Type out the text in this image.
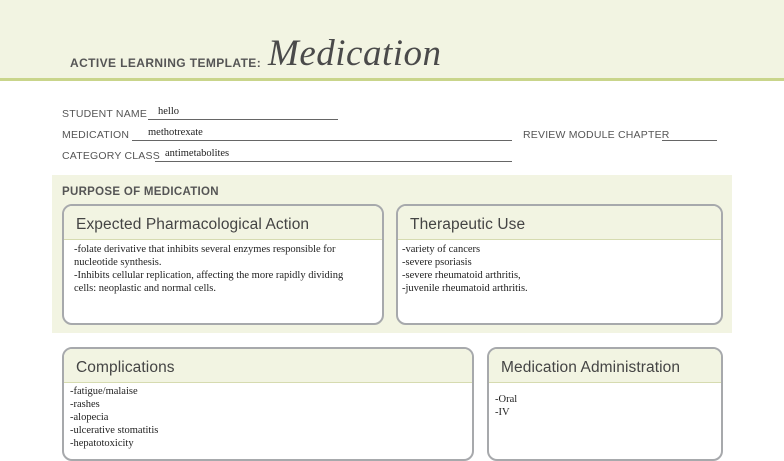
ACTIVE LEARNING TEMPLATE: Medication
STUDENT NAME hello
MEDICATION methotrexate	REVIEW MODULE CHAPTER
CATEGORY CLASS antimetabolites
PURPOSE OF MEDICATION
Expected Pharmacological Action
-folate derivative that inhibits several enzymes responsible for
nucleotide synthesis.
-Inhibits cellular replication, affecting the more rapidly dividing
cells: neoplastic and normal cells.
Therapeutic Use
-variety of cancers
-severe psoriasis
-severe rheumatoid arthritis,
-juvenile rheumatoid arthritis.
Complications
-fatigue/malaise
-rashes
-alopecia
-ulcerative stomatitis
-hepatotoxicity
Medication Administration
-Oral
-IV
